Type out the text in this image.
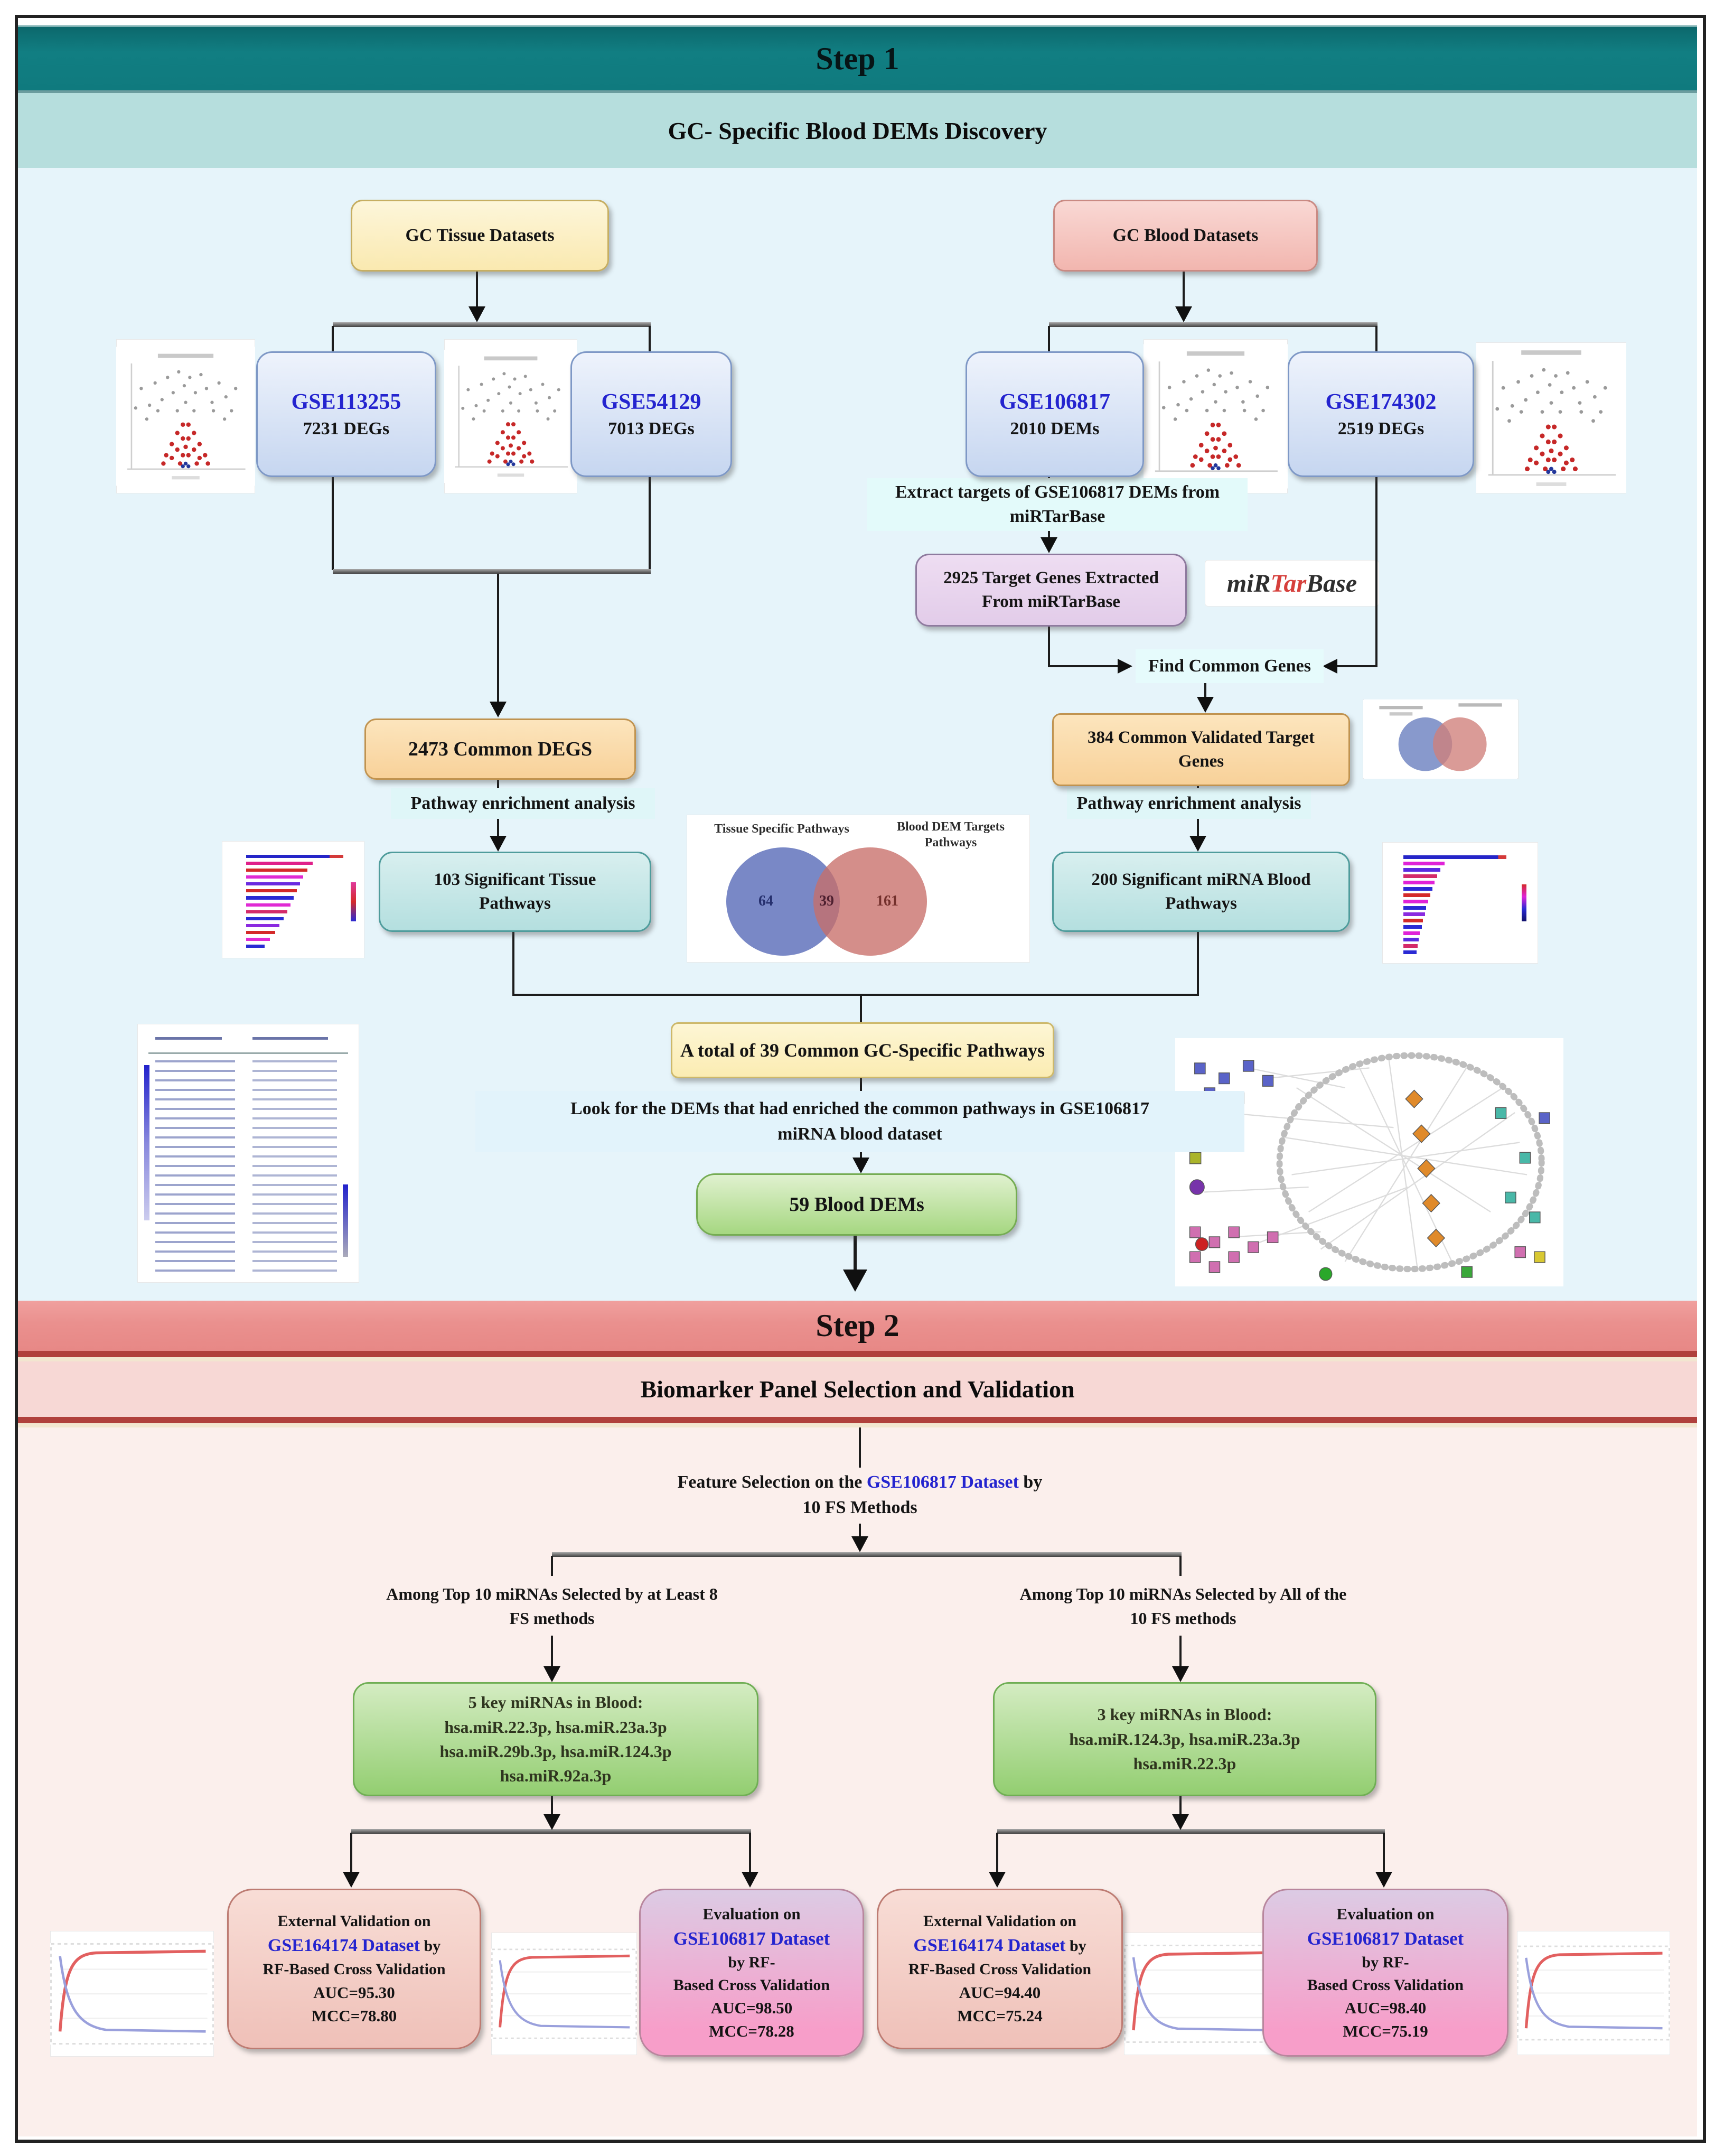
Step 1
GC- Specific Blood DEMs Discovery
Step 2
Biomarker Panel Selection and Validation
GC Tissue Datasets	GC Blood Datasets
GSE113255
7231 DEGs
GSE54129
7013 DEGs
GSE106817
2010 DEMs
GSE174302
2519 DEGs
2473 Common DEGS
Extract targets of GSE106817 DEMs from
miRTarBase
2925 Target Genes Extracted
From miRTarBase
miRTarBase
Find Common Genes
384 Common Validated Target
Genes
Pathway enrichment analysis	Pathway enrichment analysis
103 Significant Tissue
Pathways
200 Significant miRNA Blood
Pathways
Tissue Specific Pathways	Blood DEM Targets
Pathways
64	39	161
A total of 39 Common GC-Specific Pathways
Look for the DEMs that had enriched the common pathways in GSE106817
miRNA blood dataset
59 Blood DEMs
Feature Selection on the GSE106817 Dataset by
10 FS Methods
Among Top 10 miRNAs Selected by at Least 8
FS methods
Among Top 10 miRNAs Selected by All of the
10 FS methods
5 key miRNAs in Blood:
hsa.miR.22.3p, hsa.miR.23a.3p
hsa.miR.29b.3p, hsa.miR.124.3p
hsa.miR.92a.3p
3 key miRNAs in Blood:
hsa.miR.124.3p, hsa.miR.23a.3p
hsa.miR.22.3p
External Validation on
GSE164174 Dataset by
RF-Based Cross Validation
AUC=95.30
MCC=78.80
Evaluation on
GSE106817 Dataset
by RF-
Based Cross Validation
AUC=98.50
MCC=78.28
External Validation on
GSE164174 Dataset by
RF-Based Cross Validation
AUC=94.40
MCC=75.24
Evaluation on
GSE106817 Dataset
by RF-
Based Cross Validation
AUC=98.40
MCC=75.19
